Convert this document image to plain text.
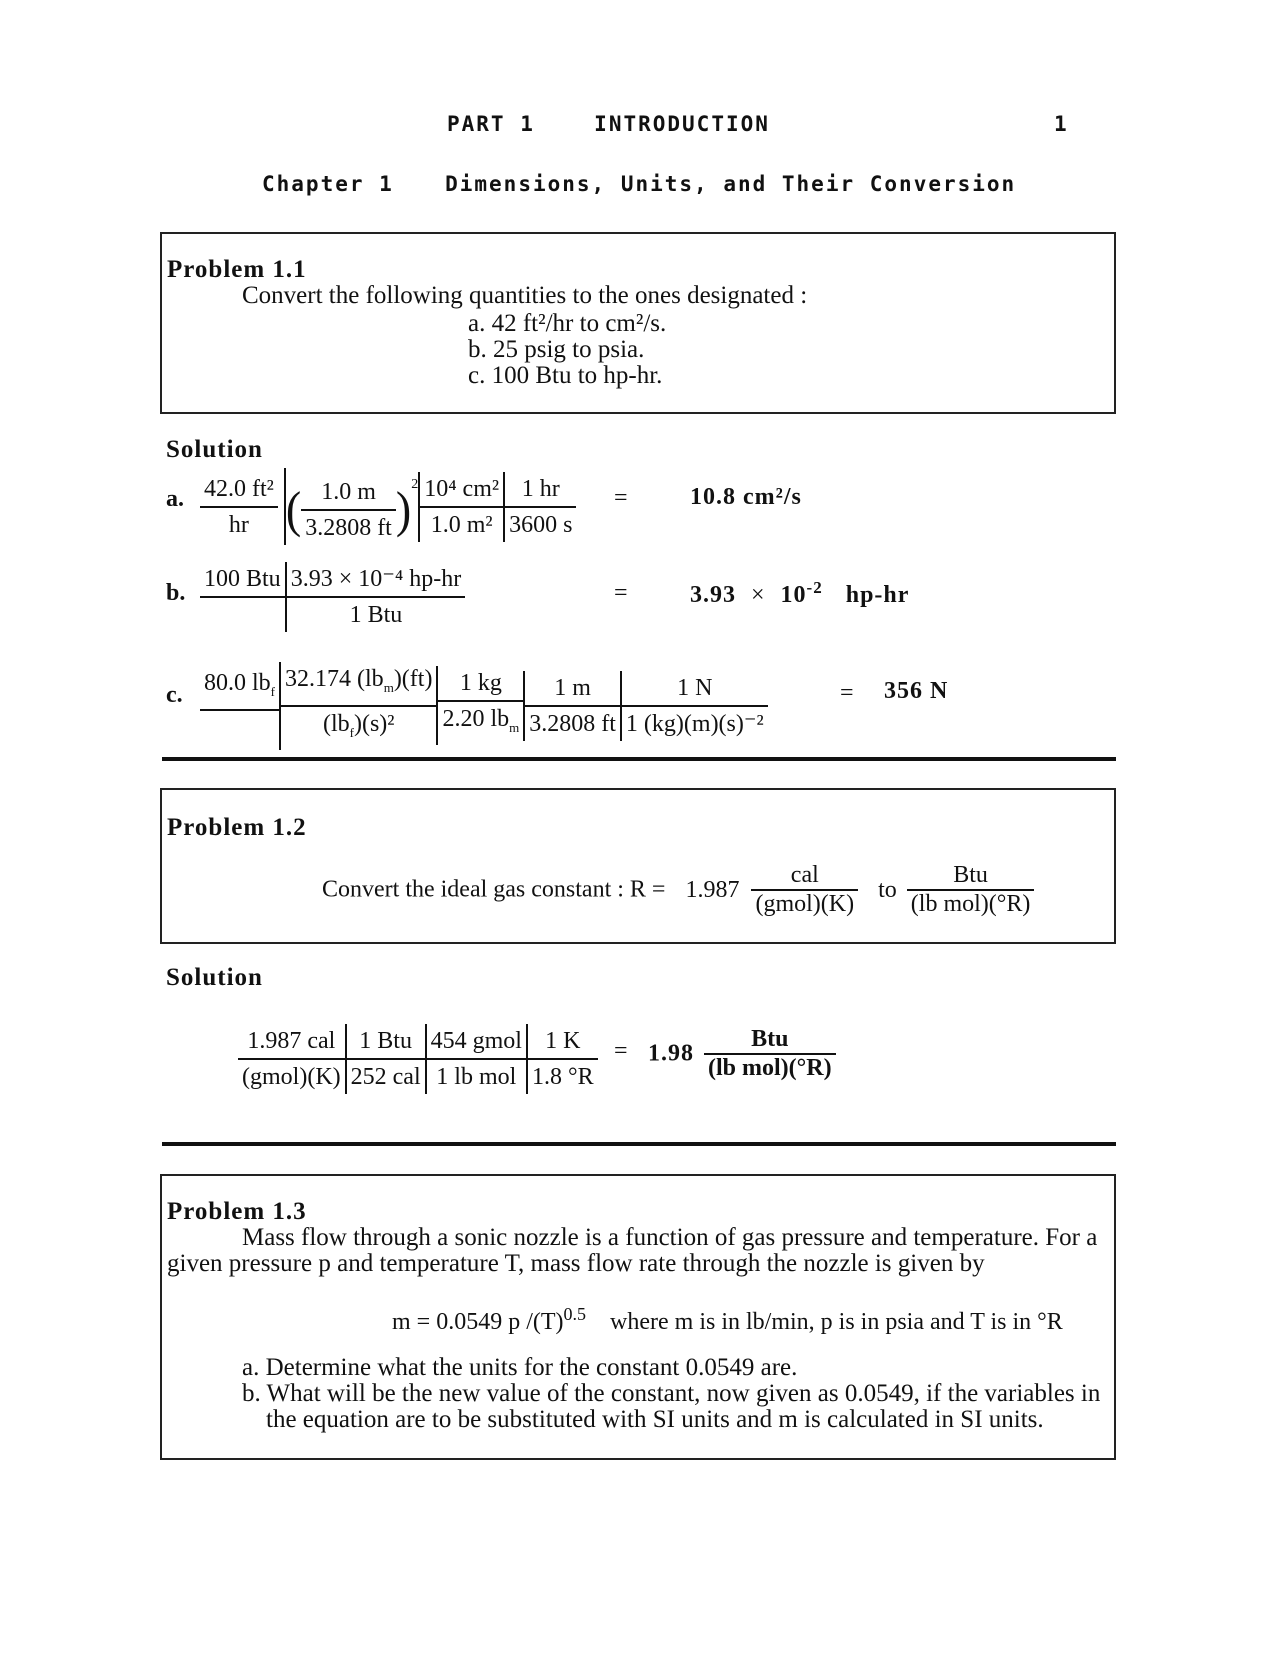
PART 1	INTRODUCTION	1
Chapter 1 Dimensions, Units, and Their Conversion
Problem 1.1
Convert the following quantities to the ones designated :
a. 42 ft²/hr to cm²/s.
b. 25 psig to psia.
c. 100 Btu to hp-hr.
Solution
a. $\frac{\text{42.0 ft²}}{hr}$ ( $\frac{1.0 m}{3.2808 ft} )^2 \frac{\text{10⁴ cm²}}{\text{1.0 m²}} \frac{1 hr}{3600 s}$ =	10.8 cm²/s
b.
100 Btu $\frac{\text{3.93 × 10⁻⁴ hp-hr}}{\text{1 Btu}}$	=	$3.93 \times 10^{-2}$ hp-hr
c. 80.0 $lb_f \frac{32.174 (lb_m)(ft)}{(lb_f)(s)^2} \frac{1 kg}{2.20 lb_m} \frac{1 m}{3.2808 ft} \frac{1 N}{\text{1 (kg)(m)(s)⁻²}}$	= 356 N
Problem 1.2
Convert the ideal gas constant : $R = 1.987 \frac{\text{cal}}{\text{(gmol)(K)}}$ to $\frac{\text{Btu}}{\text{(lb mol)(°R)}}$
Solution
$\frac{\text{1.987 cal}}{\text{(gmol)(K)}} \frac{\text{1 Btu}}{\text{252 cal}} \frac{\text{454 gmol}}{\text{1 lb mol}} \frac{1 K}{1.8 ^\circ R} = 1.98 \frac{\text{Btu}}{\text{(lb mol)(°R)}}$
Problem 1.3
Mass flow through a sonic nozzle is a function of gas pressure and temperature. For a
given pressure p and temperature T, mass flow rate through the nozzle is given by
m = 0.0549 p $/(T)^{0.5}$ where m is in lb/min, p is in psia and T is in °R
a. Determine what the units for the constant 0.0549 are.
b. What will be the new value of the constant, now given as 0.0549, if the variables in
the equation are to be substituted with SI units and m is calculated in SI units.
